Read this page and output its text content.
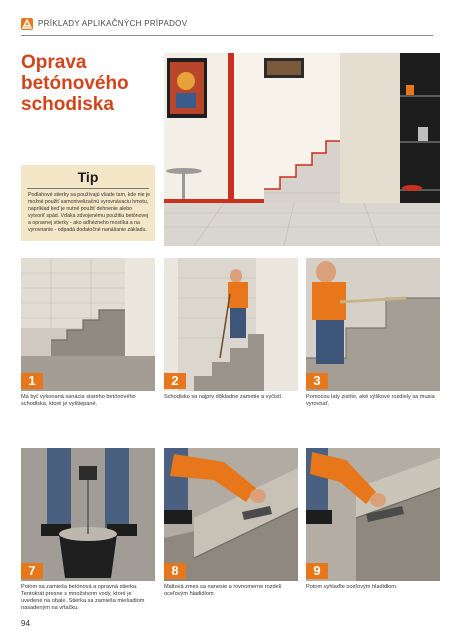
PRÍKLADY APLIKAČNÝCH PRÍPADOV
Oprava betónového schodiska
Tip

Podlahové stierky sa používajú všade tam, kde nie je možné použiť samonivelizačnú vyrovnávaciu hmotu, napríklad keď je nutné použiť dehnenie alebo vytvoriť spád. Vďaka zdvojenému použitiu betónovej a opravnej stierky - ako adhézneho mostíka a na vyrovnanie - odpadá dodatočné nanášanie základu.

1

Má byť vykonaná sanácia starého betónového schodiska, ktoré je vyštiepané.

2

Schodisko sa najprv dôkladne zametie a vyčistí.

3

Pomocou laty zistíte, aké výškové rozdiely sa musia vyrovnať.

7

Potom sa zamieša betónová a opravná stierka. Tentokrát presne s množstvom vody, ktoré je uvedené na obale. Stierka sa zamieša miešadlom nasadeným na vŕtačku.

8

Maltová zmes sa nanesie a rovnomerne rozdelí oceľovým hladidlom.

9

Potom vyhlaďte oceľovým hladidlom.

94
